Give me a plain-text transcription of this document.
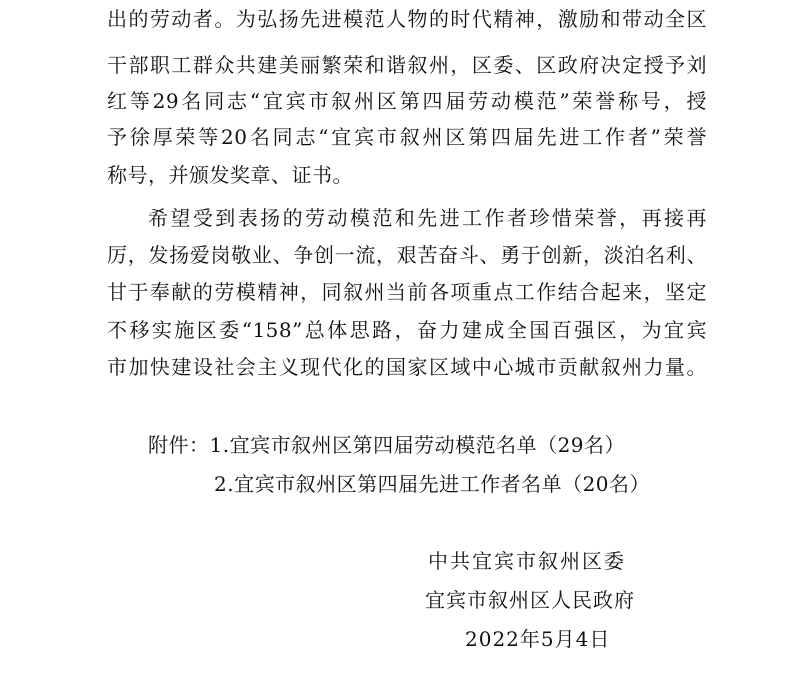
出的劳动者。为弘扬先进模范人物的时代精神，激励和带动全区
干部职工群众共建美丽繁荣和谐叙州，区委、区政府决定授予刘
红等29名同志“宜宾市叙州区第四届劳动模范”荣誉称号，授
予徐厚荣等20名同志“宜宾市叙州区第四届先进工作者”荣誉
称号，并颁发奖章、证书。
希望受到表扬的劳动模范和先进工作者珍惜荣誉，再接再
厉，发扬爱岗敬业、争创一流，艰苦奋斗、勇于创新，淡泊名利、
甘于奉献的劳模精神，同叙州当前各项重点工作结合起来，坚定
不移实施区委“158”总体思路，奋力建成全国百强区，为宜宾
市加快建设社会主义现代化的国家区域中心城市贡献叙州力量。
附件：1.宜宾市叙州区第四届劳动模范名单（29名）
2.宜宾市叙州区第四届先进工作者名单（20名）
中共宜宾市叙州区委
宜宾市叙州区人民政府
2022年5月4日
